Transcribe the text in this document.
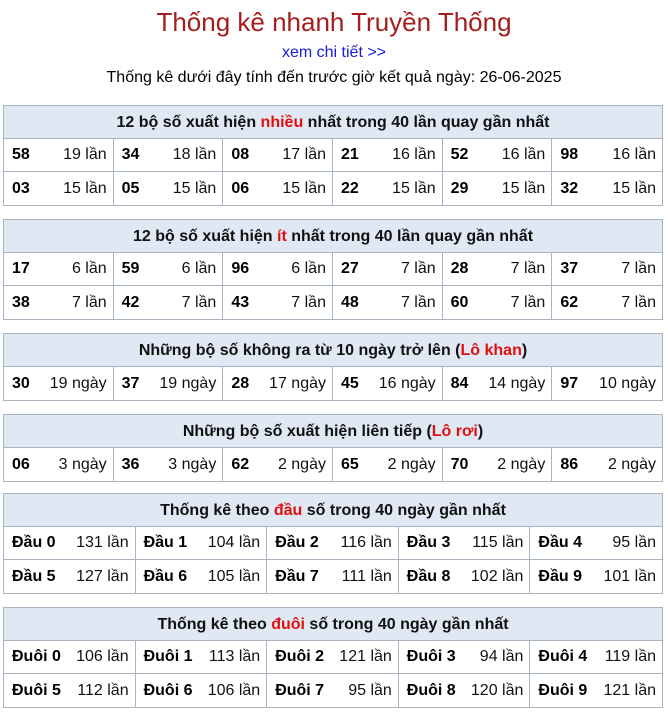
Thống kê nhanh Truyền Thống
xem chi tiết >>
Thống kê dưới đây tính đến trước giờ kết quả ngày: 26-06-2025
12 bộ số xuất hiện nhiều nhất trong 40 lần quay gần nhất
58 19 lần 34 18 lần 08 17 lần 21 16 lần 52 16 lần 98 16 lần
03 15 lần 05 15 lần 06 15 lần 22 15 lần 29 15 lần 32 15 lần
12 bộ số xuất hiện ít nhất trong 40 lần quay gần nhất
17	6 lần 59	6 lần 96	6 lần 27	7 lần 28	7 lần 37	7 lần
38	7 lần 42	7 lần 43	7 lần 48	7 lần 60	7 lần 62	7 lần
Những bộ số không ra từ 10 ngày trở lên (Lô khan)
30 19 ngày 37 19 ngày 28 17 ngày 45 16 ngày 84 14 ngày 97 10 ngày
Những bộ số xuất hiện liên tiếp (Lô rơi)
06 3 ngày 36 3 ngày 62 2 ngày 65 2 ngày 70 2 ngày 86 2 ngày
Thống kê theo đầu số trong 40 ngày gần nhất
Đầu 0 131 lần Đầu 1 104 lần Đầu 2 116 lần Đầu 3 115 lần Đầu 4 95 lần
Đầu 5 127 lần Đầu 6 105 lần Đầu 7 111 lần Đầu 8 102 lần Đầu 9 101 lần
Thống kê theo đuôi số trong 40 ngày gần nhất
Đuôi 0 106 lần Đuôi 1 113 lần Đuôi 2 121 lần Đuôi 3 94 lần Đuôi 4 119 lần
Đuôi 5 112 lần Đuôi 6 106 lần Đuôi 7 95 lần Đuôi 8 120 lần Đuôi 9 121 lần
